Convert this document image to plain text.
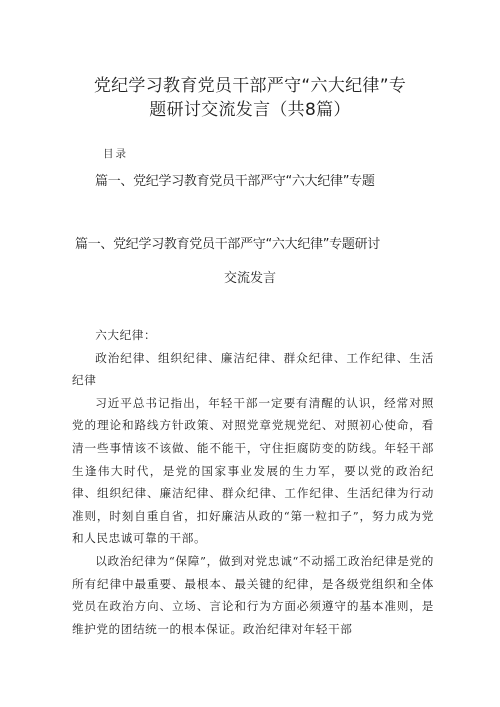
党纪学习教育党员干部严守“六大纪律”专
题研讨交流发言（共8篇）
目录
篇一、党纪学习教育党员干部严守“六大纪律”专题
篇一、党纪学习教育党员干部严守“六大纪律”专题研讨
交流发言

六大纪律：

政治纪律、组织纪律、廉洁纪律、群众纪律、工作纪律、生活纪律

习近平总书记指出，年轻干部一定要有清醒的认识，经常对照党的理论和路线方针政策、对照党章党规党纪、对照初心使命，看清一些事情该不该做、能不能干，守住拒腐防变的防线。年轻干部生逢伟大时代，是党的国家事业发展的生力军，要以党的政治纪律、组织纪律、廉洁纪律、群众纪律、工作纪律、生活纪律为行动准则，时刻自重自省，扣好廉洁从政的“第一粒扣子”，努力成为党和人民忠诚可靠的干部。

以政治纪律为“保障”，做到对党忠诚“不动摇工政治纪律是党的所有纪律中最重要、最根本、最关键的纪律，是各级党组织和全体党员在政治方向、立场、言论和行为方面必须遵守的基本准则，是维护党的团结统一的根本保证。政治纪律对年轻干部
